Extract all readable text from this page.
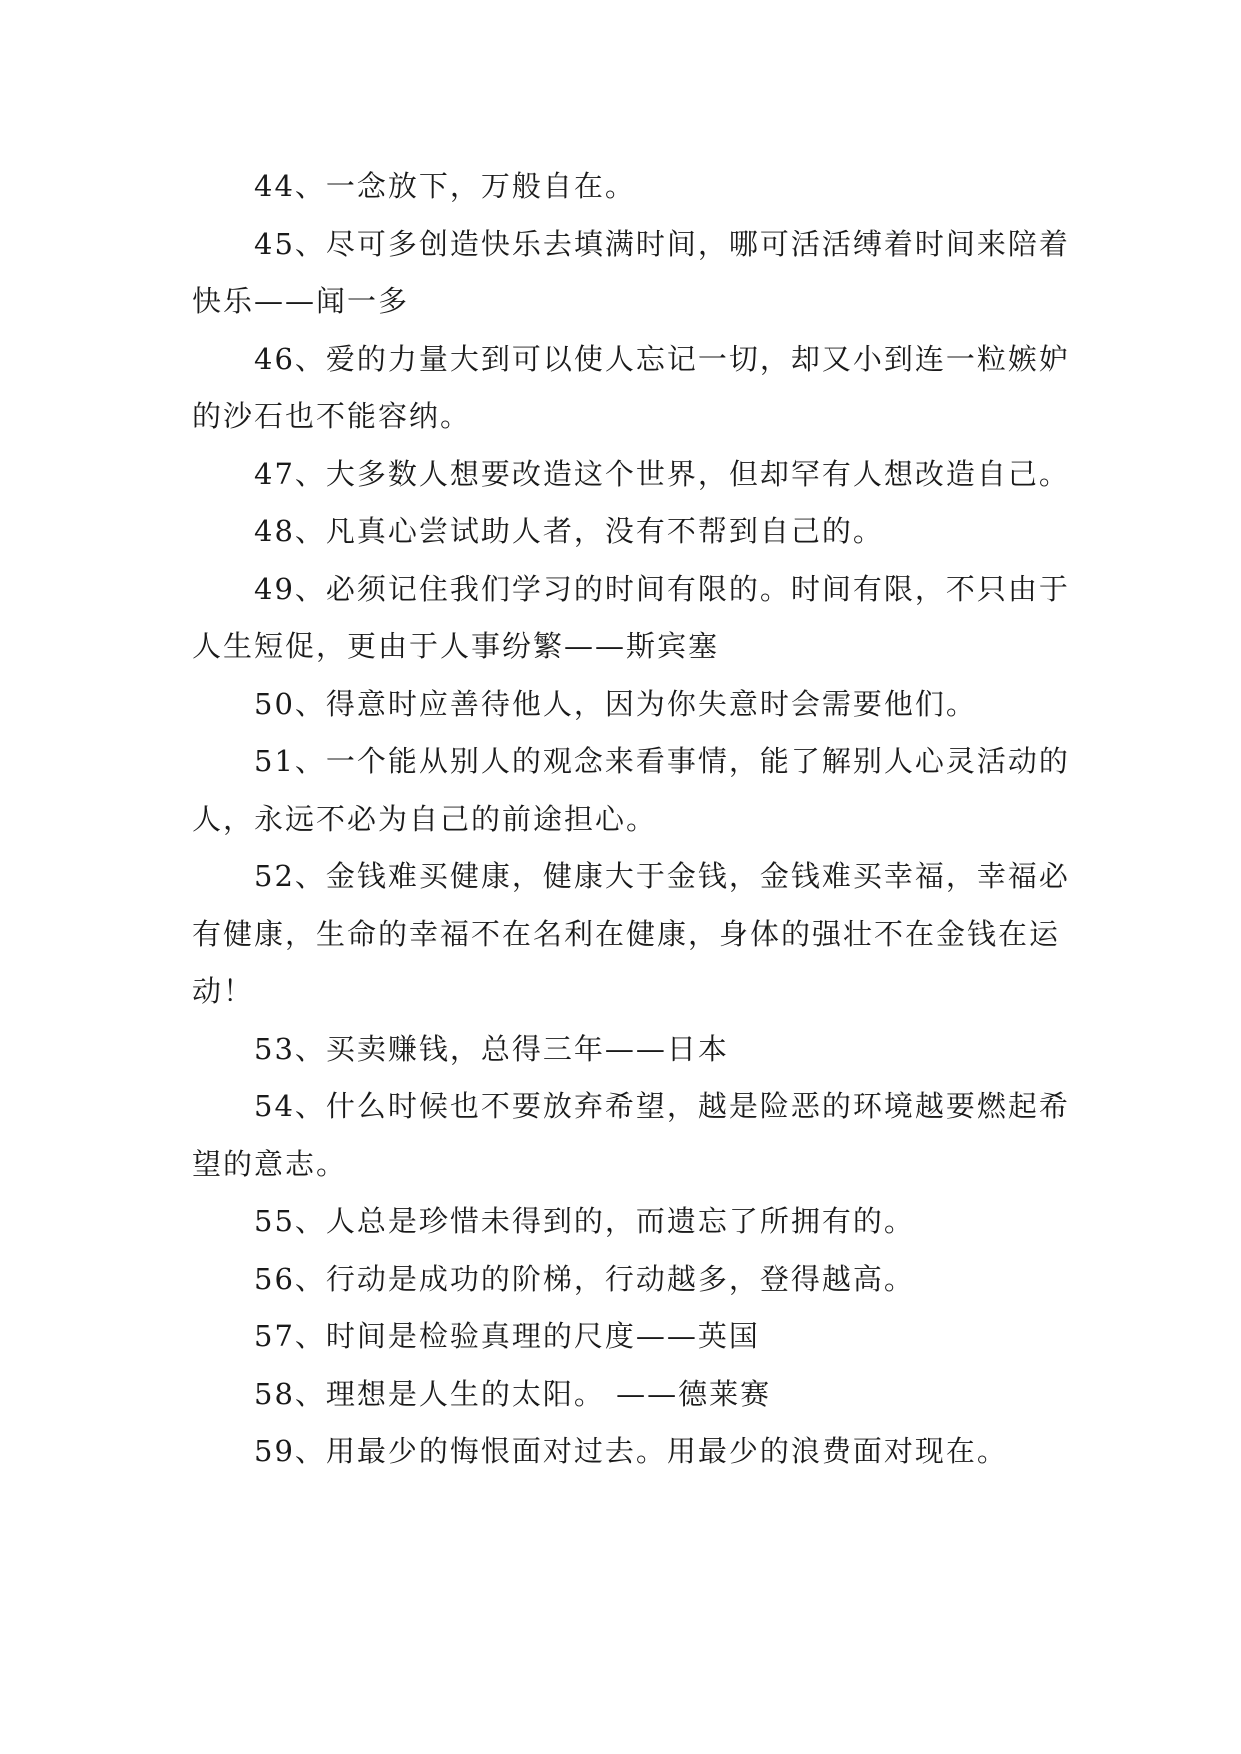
44、一念放下，万般自在。

45、尽可多创造快乐去填满时间，哪可活活缚着时间来陪着快乐——闻一多

46、爱的力量大到可以使人忘记一切，却又小到连一粒嫉妒的沙石也不能容纳。

47、大多数人想要改造这个世界，但却罕有人想改造自己。

48、凡真心尝试助人者，没有不帮到自己的。

49、必须记住我们学习的时间有限的。时间有限，不只由于人生短促，更由于人事纷繁——斯宾塞

50、得意时应善待他人，因为你失意时会需要他们。

51、一个能从别人的观念来看事情，能了解别人心灵活动的人，永远不必为自己的前途担心。

52、金钱难买健康，健康大于金钱，金钱难买幸福，幸福必有健康，生命的幸福不在名利在健康，身体的强壮不在金钱在运动！

53、买卖赚钱，总得三年——日本

54、什么时候也不要放弃希望，越是险恶的环境越要燃起希望的意志。

55、人总是珍惜未得到的，而遗忘了所拥有的。

56、行动是成功的阶梯，行动越多，登得越高。

57、时间是检验真理的尺度——英国

58、理想是人生的太阳。 ——德莱赛

59、用最少的悔恨面对过去。用最少的浪费面对现在。
